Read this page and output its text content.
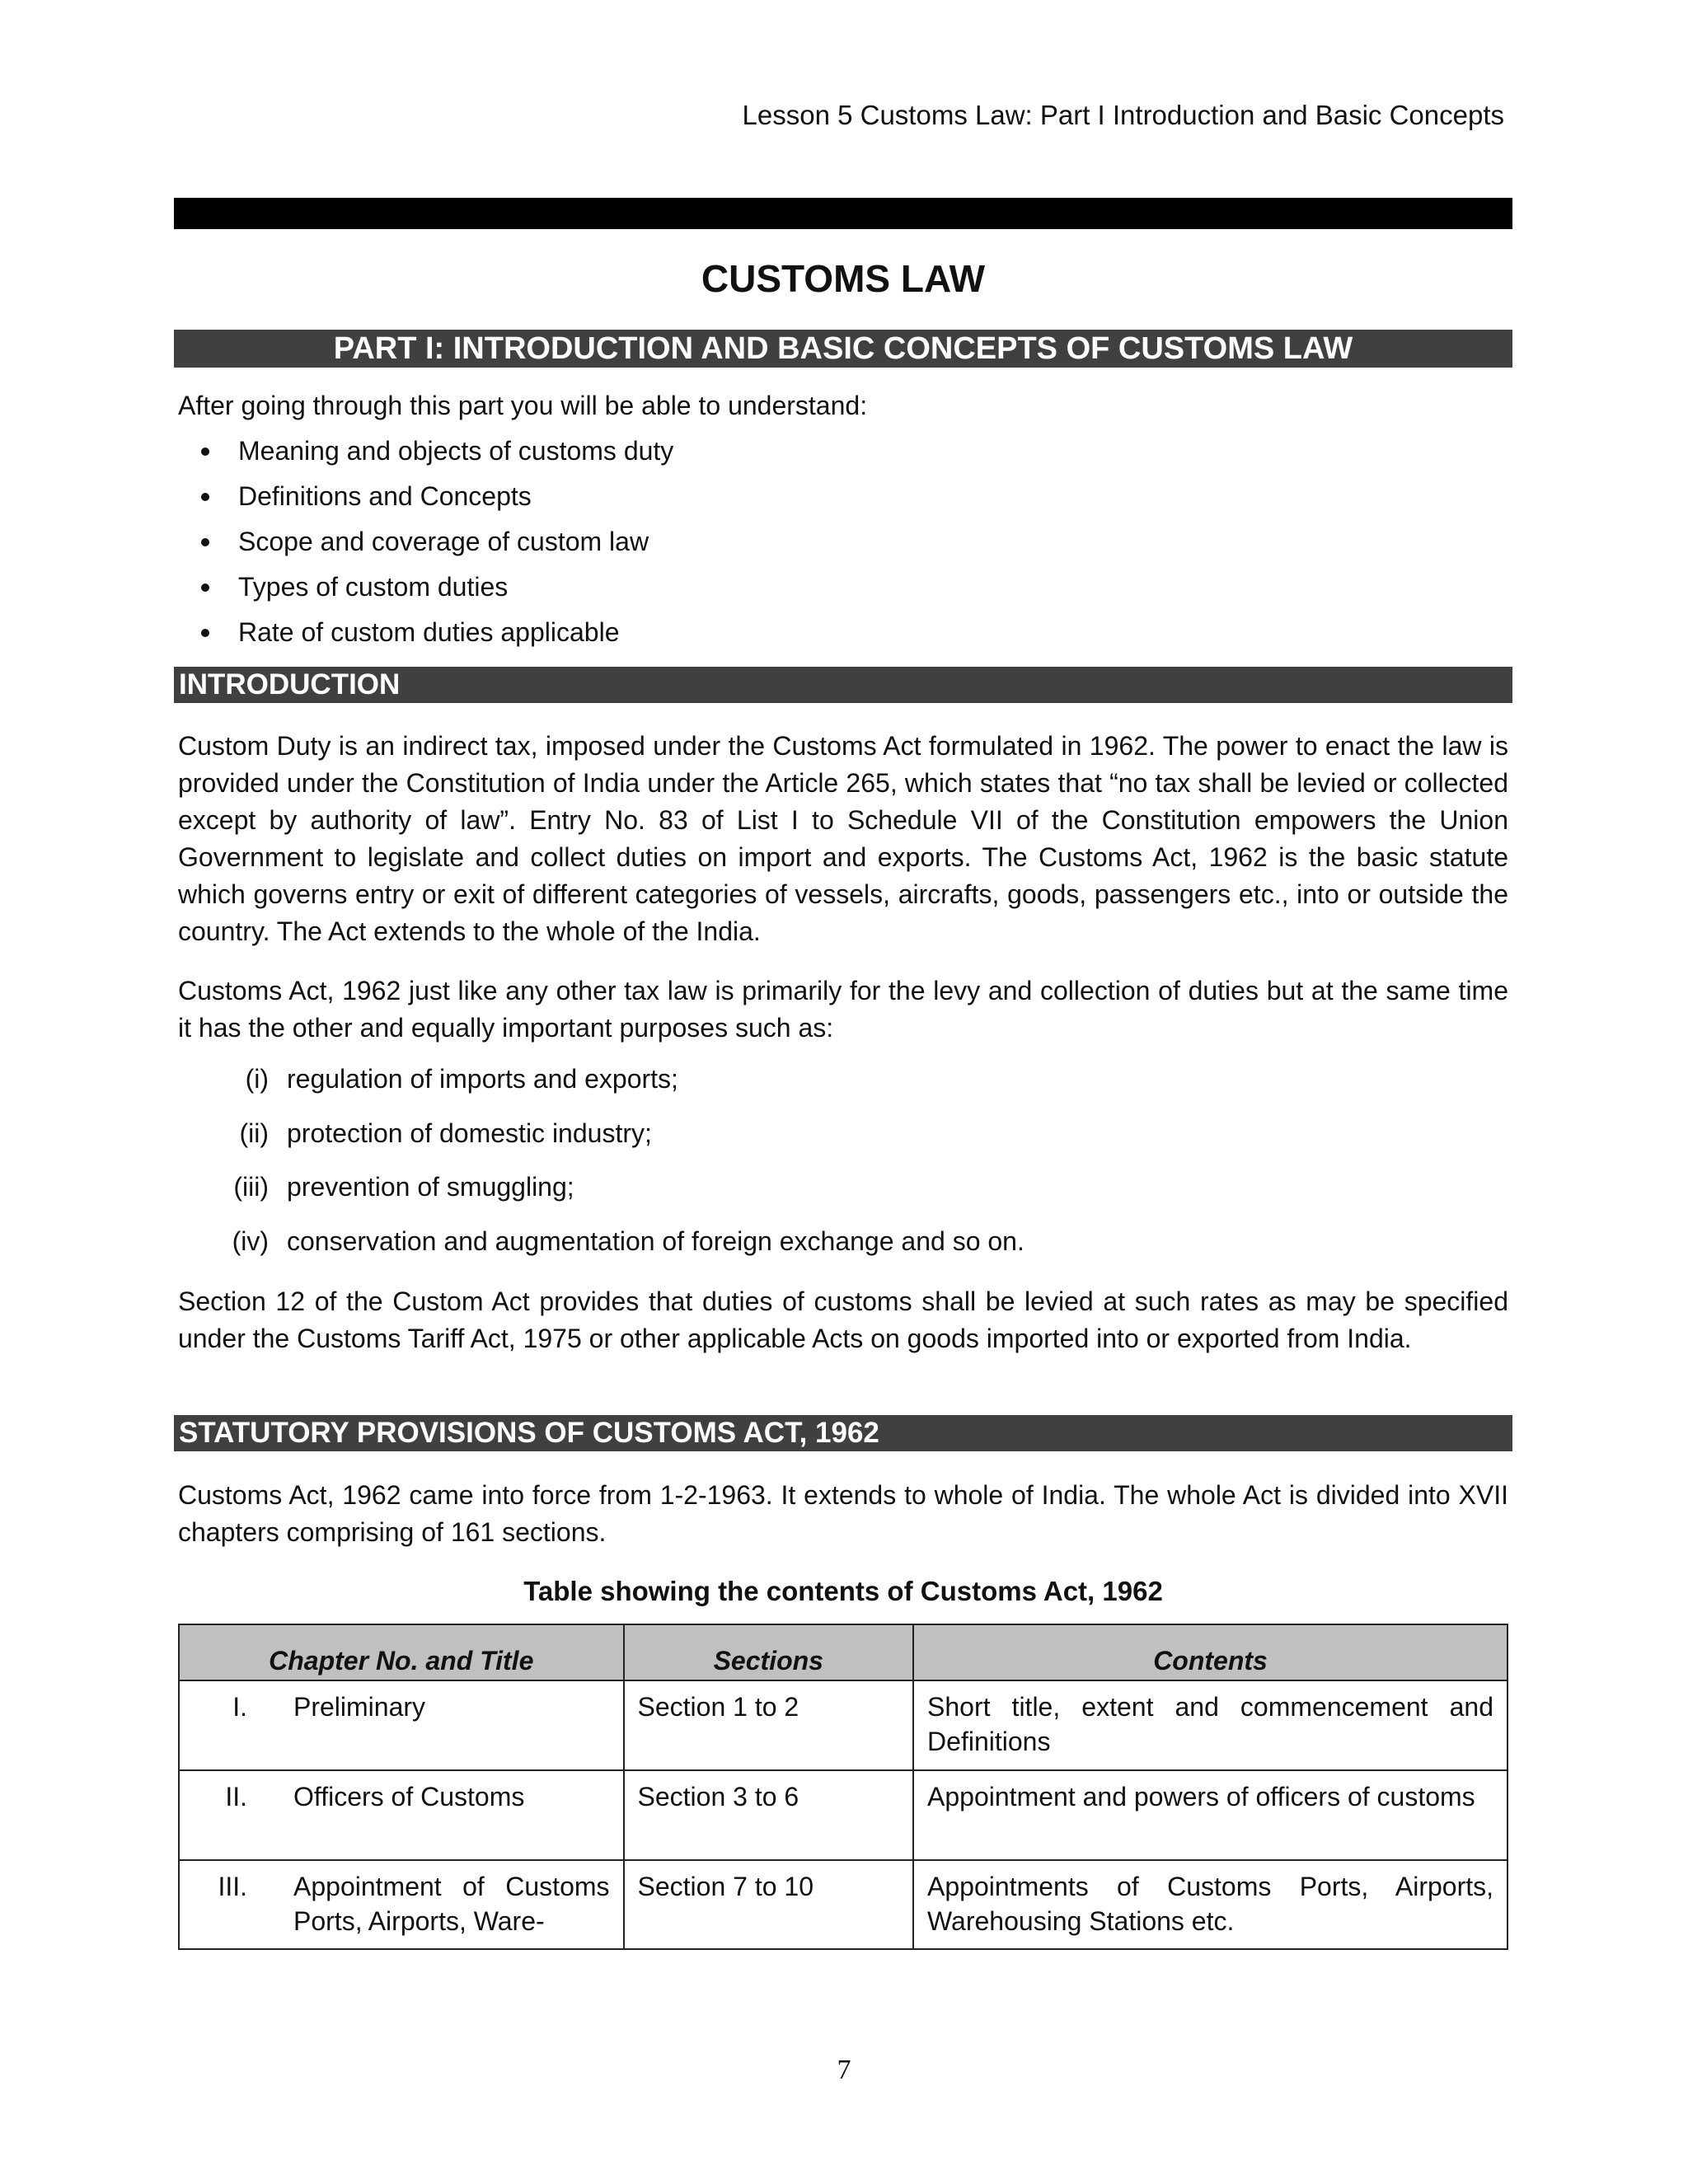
Lesson 5 Customs Law: Part I Introduction and Basic Concepts
CUSTOMS LAW
PART I: INTRODUCTION AND BASIC CONCEPTS OF CUSTOMS LAW

After going through this part you will be able to understand:

Meaning and objects of customs duty
Definitions and Concepts
Scope and coverage of custom law
Types of custom duties
Rate of custom duties applicable
INTRODUCTION

Custom Duty is an indirect tax, imposed under the Customs Act formulated in 1962. The power to enact the law is provided under the Constitution of India under the Article 265, which states that “no tax shall be levied or collected except by authority of law”. Entry No. 83 of List I to Schedule VII of the Constitution empowers the Union Government to legislate and collect duties on import and exports. The Customs Act, 1962 is the basic statute which governs entry or exit of different categories of vessels, aircrafts, goods, passengers etc., into or outside the country. The Act extends to the whole of the India.

Customs Act, 1962 just like any other tax law is primarily for the levy and collection of duties but at the same time it has the other and equally important purposes such as:

(i) regulation of imports and exports;
(ii) protection of domestic industry;
(iii) prevention of smuggling;
(iv) conservation and augmentation of foreign exchange and so on.

Section 12 of the Custom Act provides that duties of customs shall be levied at such rates as may be specified under the Customs Tariff Act, 1975 or other applicable Acts on goods imported into or exported from India.

STATUTORY PROVISIONS OF CUSTOMS ACT, 1962

Customs Act, 1962 came into force from 1-2-1963. It extends to whole of India. The whole Act is divided into XVII chapters comprising of 161 sections.

Table showing the contents of Customs Act, 1962
Chapter No. and Title	Sections	Contents

I. Preliminary	Section 1 to 2	Short title, extent and commencement and Definitions

II. Officers of Customs	Section 3 to 6	Appointment and powers of officers of customs

III. Appointment of Customs Ports, Airports, Ware-	Section 7 to 10	Appointments of Customs Ports, Airports, Warehousing Stations etc.
7
